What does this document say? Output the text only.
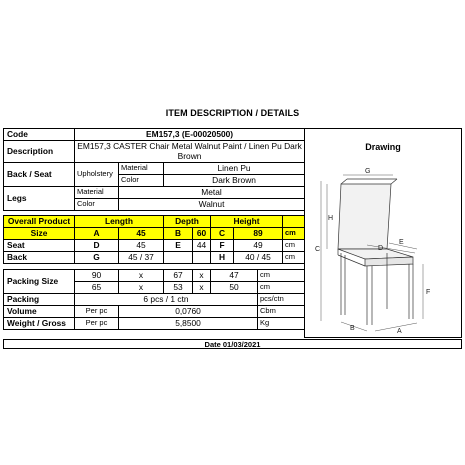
ITEM DESCRIPTION / DETAILS
Code	EM157,3 (E-00020500)							
Description	EM157,3 CASTER Chair Metal Walnut Paint / Linen Pu Dark Brown							
Back / Seat	Upholstery	Material	Linen Pu					
		Color	Dark Brown					
Legs	Material	Metal						
	Color	Walnut						

Overall Product	Length		Depth		Height			
Size	A	45	B	60	C	89		cm
Seat	D	45	E	44	F	49		cm
Back	G	45 / 37			H	40 / 45		cm

Packing Size	90	x	67	x	47		cm	
	65	x	53	x	50		cm	
Packing	6 pcs / 1 ctn						pcs/ctn	
Volume	Per pc	0,0760					Cbm	
Weight / Gross	Per pc	5,8500					Kg	
Drawing
G
H
C
E
D
F
B	A
Date 01/03/2021
